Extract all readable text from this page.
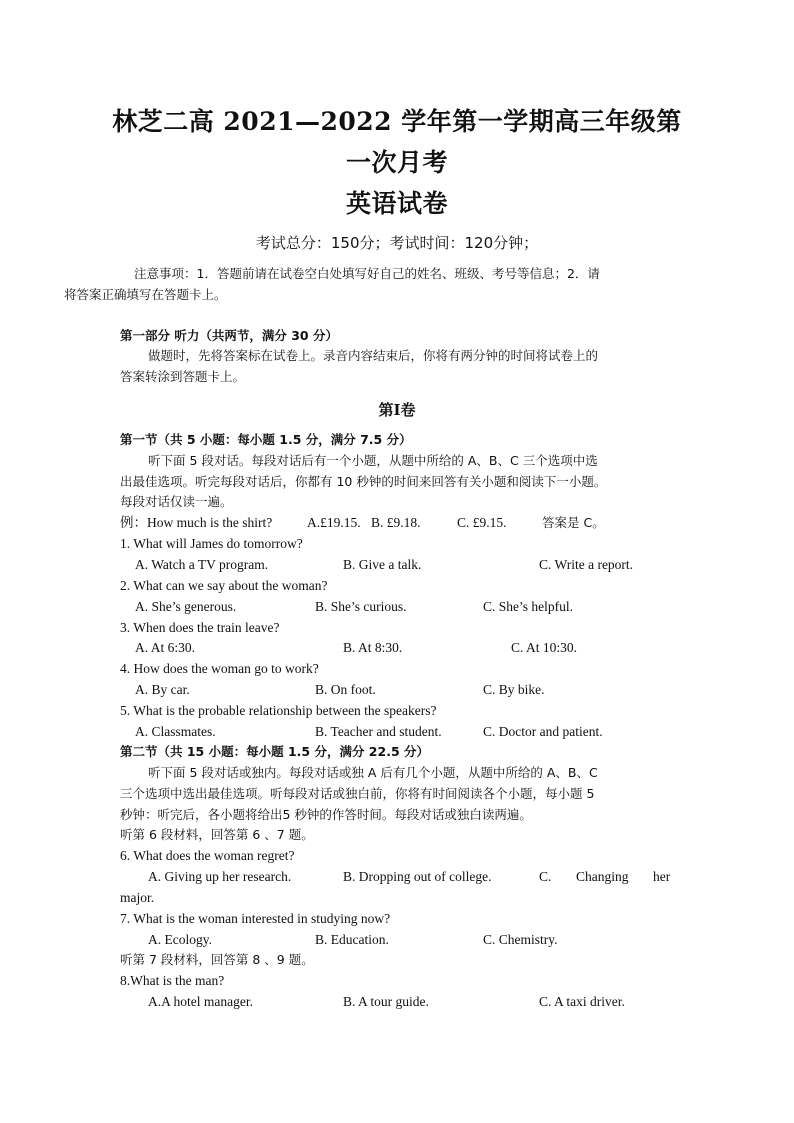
林芝二高 2021—2022 学年第一学期高三年级第
一次月考
英语试卷
考试总分：150分；考试时间：120分钟；
注意事项：1．答题前请在试卷空白处填写好自己的姓名、班级、考号等信息；2．请
将答案正确填写在答题卡上。
第一部分 听力（共两节，满分 30 分）
做题时，先将答案标在试卷上。录音内容结束后，你将有两分钟的时间将试卷上的
答案转涂到答题卡上。
第Ⅰ卷
第一节（共 5 小题：每小题 1.5 分，满分 7.5 分）
听下面 5 段对话。每段对话后有一个小题，从题中所给的 A、B、C 三个选项中选
出最佳选项。听完每段对话后，你都有 10 秒钟的时间来回答有关小题和阅读下一小题。
每段对话仅读一遍。
例：How much is the shirt?	A.£19.15. B. £9.18.	C. £9.15.	答案是 C。
1. What will James do tomorrow?
A. Watch a TV program.	B. Give a talk.	C. Write a report.
2. What can we say about the woman?
A. She’s generous.	B. She’s curious.	C. She’s helpful.
3. When does the train leave?
A. At 6:30.	B. At 8:30.	C. At 10:30.
4. How does the woman go to work?
A. By car.	B. On foot.	C. By bike.
5. What is the probable relationship between the speakers?
A. Classmates.	B. Teacher and student.	C. Doctor and patient.
第二节（共 15 小题：每小题 1.5 分，满分 22.5 分）
听下面 5 段对话或独内。每段对话或独 A 后有几个小题，从题中所给的 A、B、C
三个选项中选出最佳选项。听每段对话或独白前，你将有时间阅读各个小题，每小题 5
秒钟：听完后，各小题将给出5 秒钟的作答时间。每段对话或独白读两遍。
听第 6 段材料，回答第 6 、7 题。
6. What does the woman regret?
A. Giving up her research.	B. Dropping out of college.	C. Changing her
major.
7. What is the woman interested in studying now?
A. Ecology.	B. Education.	C. Chemistry.
听第 7 段材料，回答第 8 、9 题。
8.What is the man?
A.A hotel manager.	B. A tour guide.	C. A taxi driver.
